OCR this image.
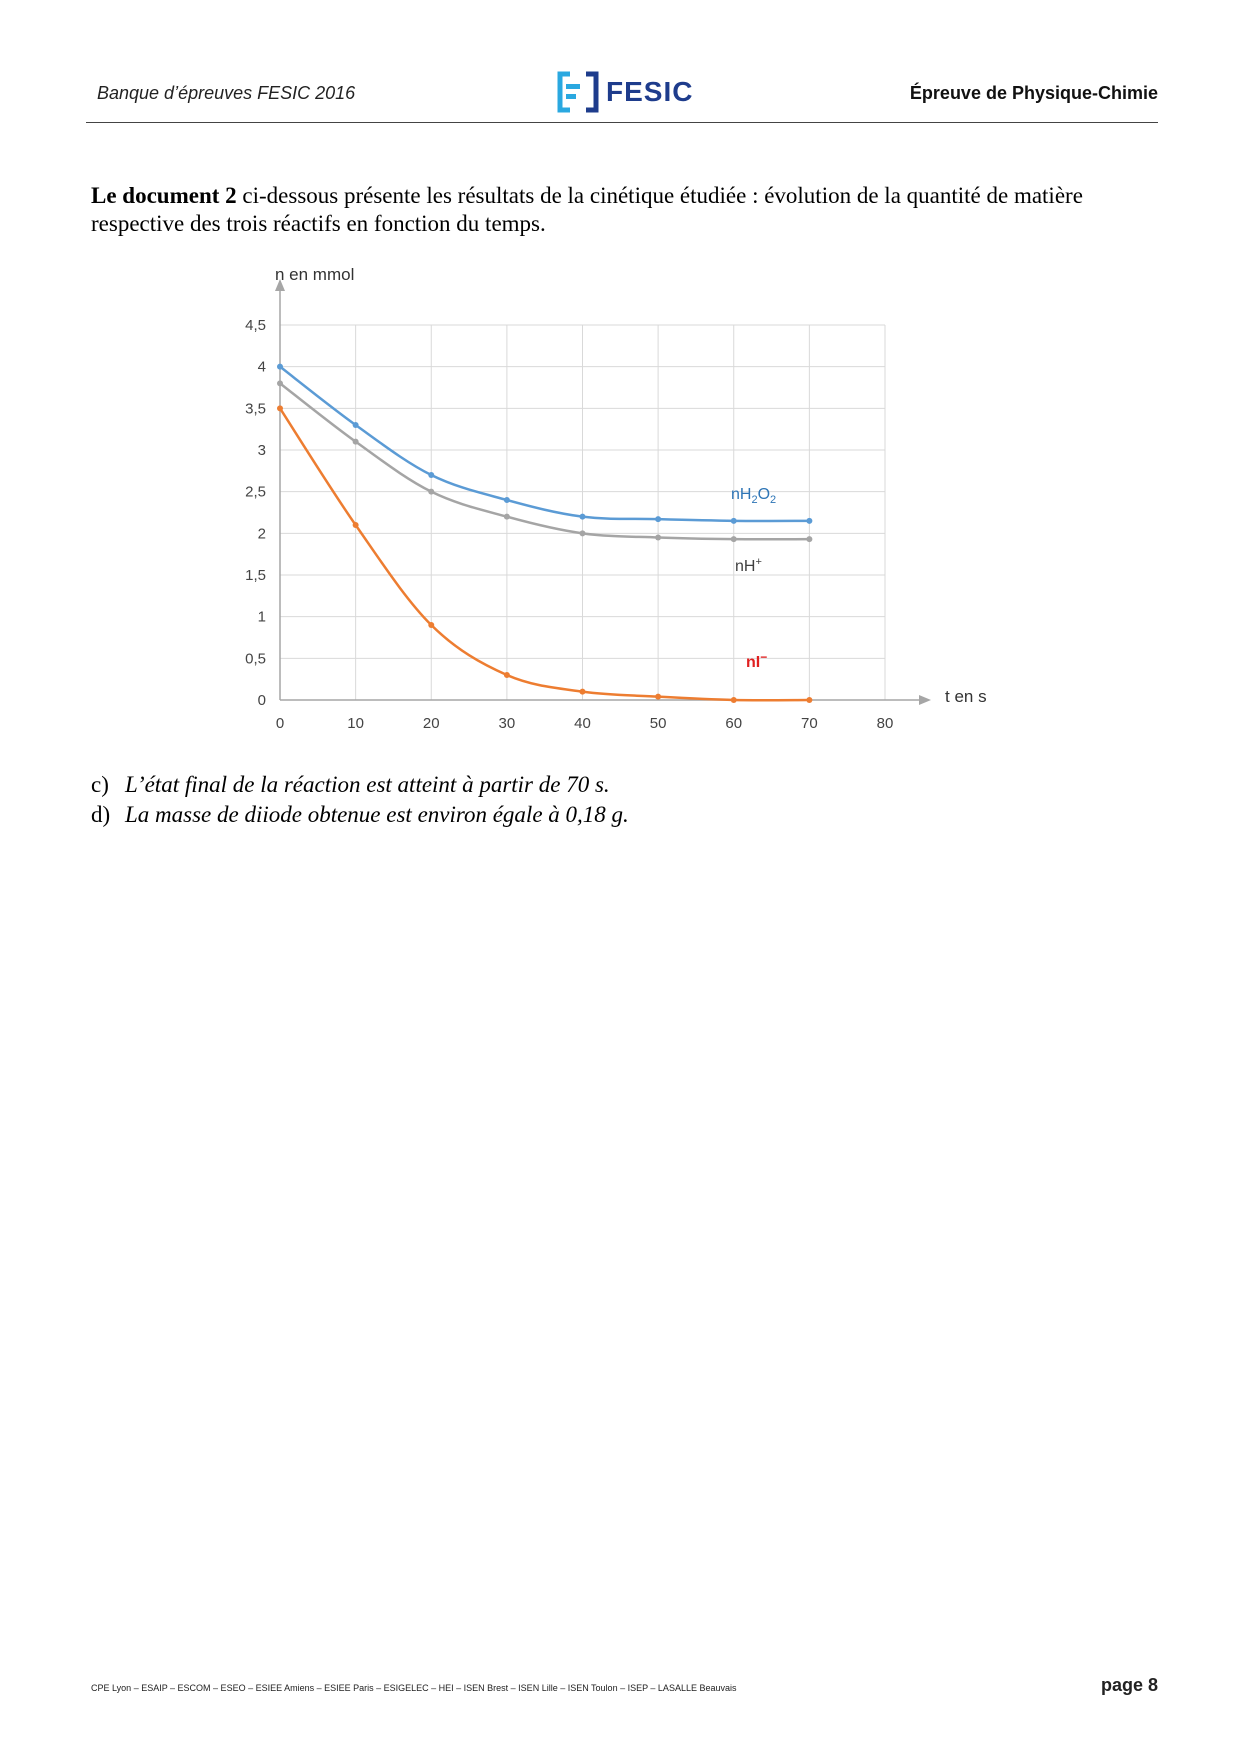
Banque d’épreuves FESIC 2016	FESIC	Épreuve de Physique-Chimie

Le document 2 ci-dessous présente les résultats de la cinétique étudiée : évolution de la quantité de matière respective des trois réactifs en fonction du temps.

0	10	20	30	40	50	60	70	80
0
0,5
1
1,5
2
2,5
3
3,5
4
4,5
n en mmol
t en s
$nH_2O_2$
nH+
nI−
c) L’état final de la réaction est atteint à partir de 70 s.
d) La masse de diiode obtenue est environ égale à 0,18 g.
CPE Lyon – ESAIP – ESCOM – ESEO – ESIEE Amiens – ESIEE Paris – ESIGELEC – HEI – ISEN Brest – ISEN Lille – ISEN Toulon – ISEP – LASALLE Beauvais	page 8
